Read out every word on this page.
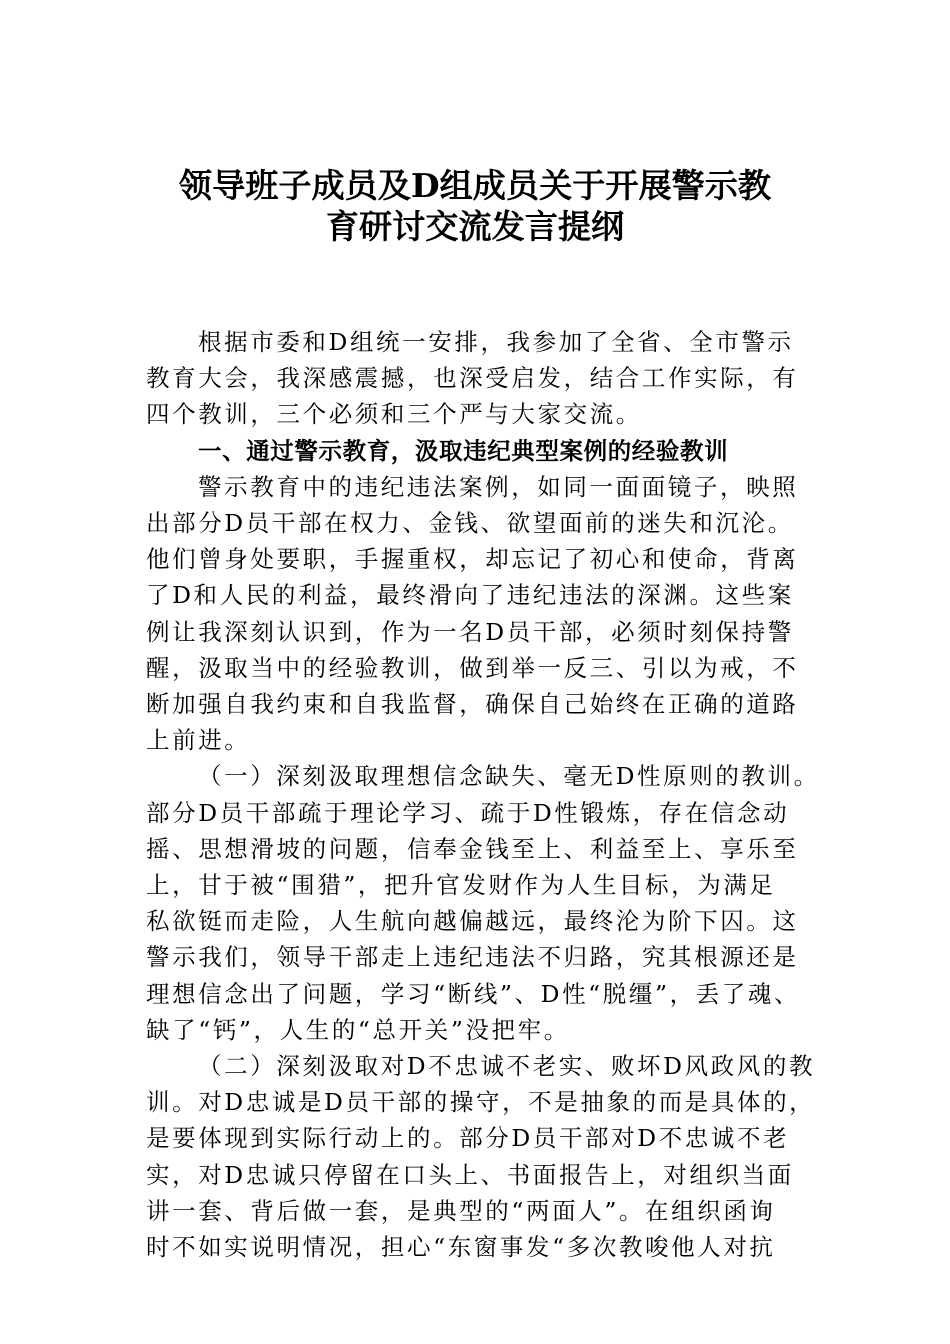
领导班子成员及D组成员关于开展警示教
育研讨交流发言提纲
根据市委和D组统一安排，我参加了全省、全市警示
教育大会，我深感震撼，也深受启发，结合工作实际，有
四个教训，三个必须和三个严与大家交流。
一、通过警示教育，汲取违纪典型案例的经验教训
警示教育中的违纪违法案例，如同一面面镜子，映照
出部分D员干部在权力、金钱、欲望面前的迷失和沉沦。
他们曾身处要职，手握重权，却忘记了初心和使命，背离
了D和人民的利益，最终滑向了违纪违法的深渊。这些案
例让我深刻认识到，作为一名D员干部，必须时刻保持警
醒，汲取当中的经验教训，做到举一反三、引以为戒，不
断加强自我约束和自我监督，确保自己始终在正确的道路
上前进。
（一）深刻汲取理想信念缺失、毫无D性原则的教训。
部分D员干部疏于理论学习、疏于D性锻炼，存在信念动
摇、思想滑坡的问题，信奉金钱至上、利益至上、享乐至
上，甘于被“围猎”，把升官发财作为人生目标，为满足
私欲铤而走险，人生航向越偏越远，最终沦为阶下囚。这
警示我们，领导干部走上违纪违法不归路，究其根源还是
理想信念出了问题，学习“断线”、D性“脱缰”，丢了魂、
缺了“钙”，人生的“总开关”没把牢。
（二）深刻汲取对D不忠诚不老实、败坏D风政风的教
训。对D忠诚是D员干部的操守，不是抽象的而是具体的，
是要体现到实际行动上的。部分D员干部对D不忠诚不老
实，对D忠诚只停留在口头上、书面报告上，对组织当面
讲一套、背后做一套，是典型的“两面人”。在组织函询
时不如实说明情况，担心“东窗事发“多次教唆他人对抗
